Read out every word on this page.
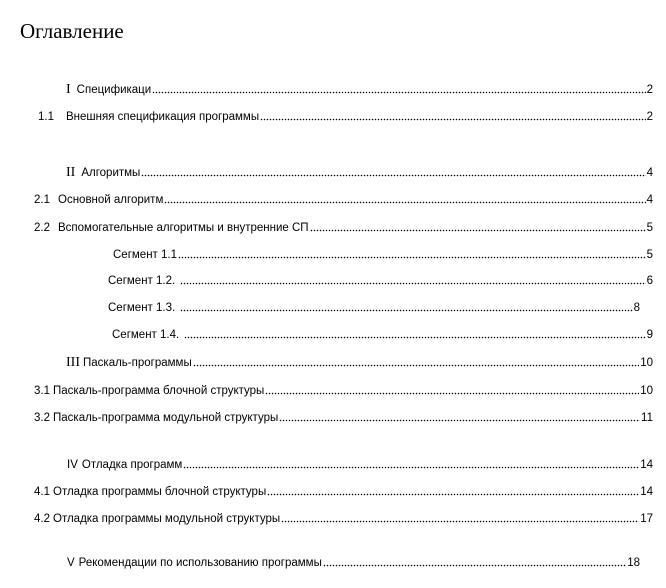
Оглавление
I Спецификаци	2
1.1 Внешняя спецификация программы	2
II Алгоритмы	4
2.1 Основной алгоритм	4
2.2 Вспомогательные алгоритмы и внутренние СП	5
Сегмент 1.1	5
Сегмент 1.2.	6
Сегмент 1.3.	8
Сегмент 1.4.	9
III Паскаль-программы	10
3.1 Паскаль-программа блочной структуры	10
3.2 Паскаль-программа модульной структуры	11
IV Отладка программ	14
4.1 Отладка программы блочной структуры	14
4.2 Отладка программы модульной структуры	17
V Рекомендации по использованию программы	18
